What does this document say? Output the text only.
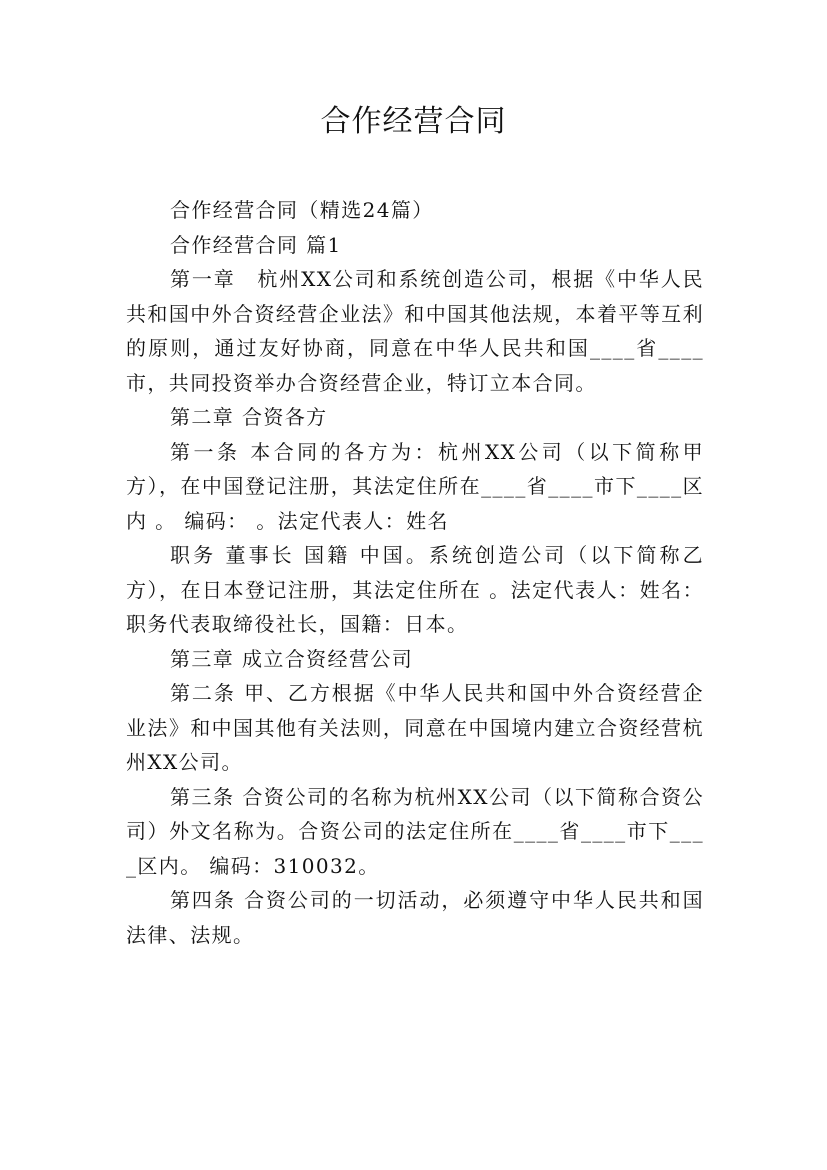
合作经营合同

合作经营合同（精选24篇）

合作经营合同 篇1

第一章　杭州XX公司和系统创造公司，根据《中华人民共和国中外合资经营企业法》和中国其他法规，本着平等互利的原则，通过友好协商，同意在中华人民共和国____省____市，共同投资举办合资经营企业，特订立本合同。

第二章 合资各方

第一条 本合同的各方为：杭州XX公司（以下简称甲方），在中国登记注册，其法定住所在____省____市下____区内 。 编码： 。法定代表人：姓名

职务 董事长 国籍 中国。系统创造公司（以下简称乙方），在日本登记注册，其法定住所在 。法定代表人：姓名：职务代表取缔役社长，国籍：日本。

第三章 成立合资经营公司

第二条 甲、乙方根据《中华人民共和国中外合资经营企业法》和中国其他有关法则，同意在中国境内建立合资经营杭州XX公司。

第三条 合资公司的名称为杭州XX公司（以下简称合资公司）外文名称为。合资公司的法定住所在____省____市下____区内。 编码：310032。

第四条 合资公司的一切活动，必须遵守中华人民共和国法律、法规。
